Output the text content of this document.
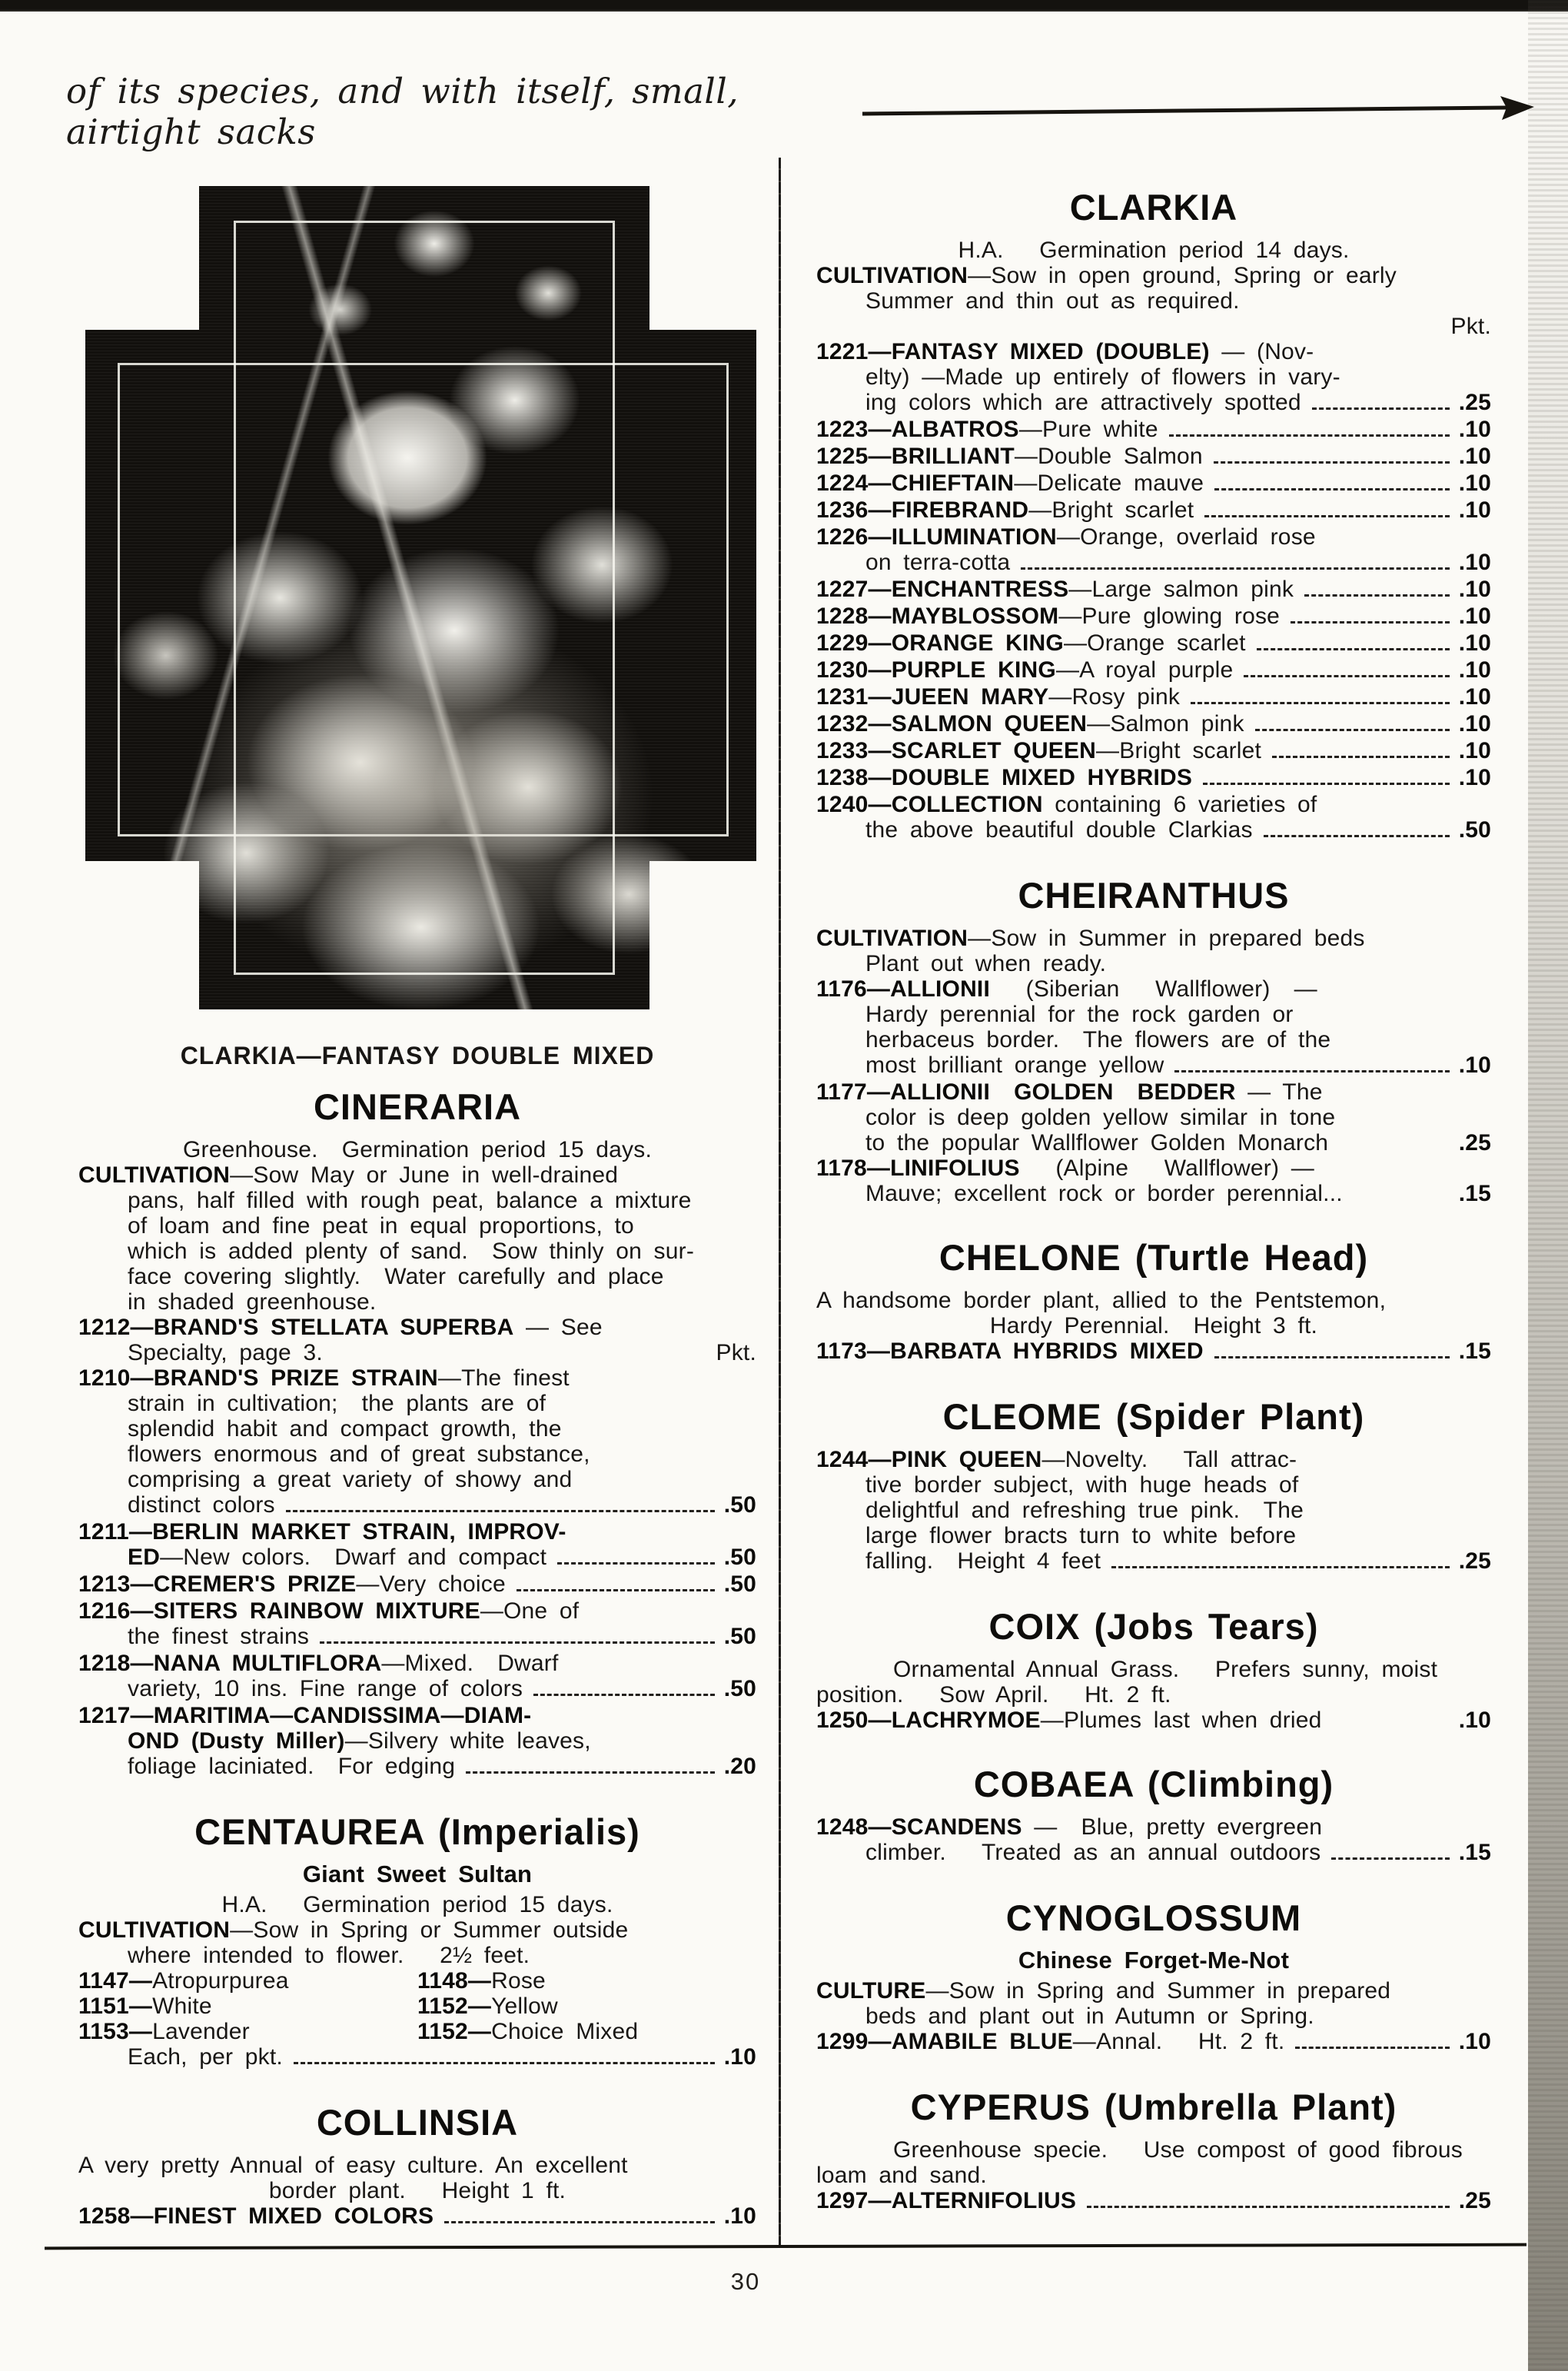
of its species, and with itself, small, airtight sacks
CLARKIA—FANTASY DOUBLE MIXED
CINERARIA
Greenhouse.  Germination period 15 days.
CULTIVATION —Sow May or June in well-drained
pans, half filled with rough peat, balance a mixture
of loam and fine peat in equal proportions, to
which is added plenty of sand.  Sow thinly on sur-
face covering slightly.  Water carefully and place
in shaded greenhouse.
1212—BRAND'S STELLATA SUPERBA — See
Specialty, page 3.	Pkt.
1210—BRAND'S PRIZE STRAIN —The finest
strain in cultivation;  the plants are of
splendid habit and compact growth, the
flowers enormous and of great substance,
comprising a great variety of showy and
distinct colors	.50
1211—BERLIN MARKET STRAIN, IMPROV-
ED —New colors.  Dwarf and compact	.50
1213—CREMER'S PRIZE —Very choice	.50
1216—SITERS RAINBOW MIXTURE —One of
the finest strains	.50
1218—NANA MULTIFLORA —Mixed.  Dwarf
variety, 10 ins. Fine range of colors	.50
1217—MARITIMA—CANDISSIMA—DIAM-
OND (Dusty Miller) —Silvery white leaves,
foliage laciniated.  For edging	.20
CENTAUREA (Imperialis)
Giant Sweet Sultan
H.A.   Germination period 15 days.
CULTIVATION —Sow in Spring or Summer outside
where intended to flower.   2½ feet.
1147— Atropurpurea	1148— Rose
1151— White	1152— Yellow
1153— Lavender	1152— Choice Mixed
Each, per pkt.	.10
COLLINSIA
A very pretty Annual of easy culture. An excellent
border plant.   Height 1 ft.
1258—FINEST MIXED COLORS	.10
CLARKIA
H.A.   Germination period 14 days.
CULTIVATION —Sow in open ground, Spring or early
Summer and thin out as required.
Pkt.
1221—FANTASY MIXED (DOUBLE) — (Nov-
elty) —Made up entirely of flowers in vary-
ing colors which are attractively spotted	.25
1223—ALBATROS —Pure white	.10
1225—BRILLIANT —Double Salmon	.10
1224—CHIEFTAIN —Delicate mauve	.10
1236—FIREBRAND —Bright scarlet	.10
1226—ILLUMINATION —Orange, overlaid rose
on terra-cotta	.10
1227—ENCHANTRESS —Large salmon pink	.10
1228—MAYBLOSSOM —Pure glowing rose	.10
1229—ORANGE KING —Orange scarlet	.10
1230—PURPLE KING —A royal purple	.10
1231—JUEEN MARY —Rosy pink	.10
1232—SALMON QUEEN —Salmon pink	.10
1233—SCARLET QUEEN —Bright scarlet	.10
1238—DOUBLE MIXED HYBRIDS	.10
1240—COLLECTION containing 6 varieties of
the above beautiful double Clarkias	.50
CHEIRANTHUS
CULTIVATION —Sow in Summer in prepared beds
Plant out when ready.
1176—ALLIONII (Siberian   Wallflower)  —
Hardy perennial for the rock garden or
herbaceus border.  The flowers are of the
most brilliant orange yellow	.10
1177—ALLIONII  GOLDEN  BEDDER — The
color is deep golden yellow similar in tone
to the popular Wallflower Golden Monarch	.25
1178—LINIFOLIUS (Alpine   Wallflower) —
Mauve; excellent rock or border perennial...	.15
CHELONE (Turtle Head)
A handsome border plant, allied to the Pentstemon,
Hardy Perennial.  Height 3 ft.
1173—BARBATA HYBRIDS MIXED	.15
CLEOME (Spider Plant)
1244—PINK QUEEN —Novelty.   Tall attrac-
tive border subject, with huge heads of
delightful and refreshing true pink.  The
large flower bracts turn to white before
falling.  Height 4 feet	.25
COIX (Jobs Tears)
Ornamental Annual Grass.   Prefers sunny, moist
position.   Sow April.   Ht. 2 ft.
1250—LACHRYMOE —Plumes last when dried	.10
COBAEA (Climbing)
1248—SCANDENS —  Blue, pretty evergreen
climber.   Treated as an annual outdoors	.15
CYNOGLOSSUM
Chinese Forget-Me-Not
CULTURE —Sow in Spring and Summer in prepared
beds and plant out in Autumn or Spring.
1299—AMABILE BLUE —Annal.   Ht. 2 ft.	.10
CYPERUS (Umbrella Plant)
Greenhouse specie.   Use compost of good fibrous
loam and sand.
1297—ALTERNIFOLIUS	.25
30
